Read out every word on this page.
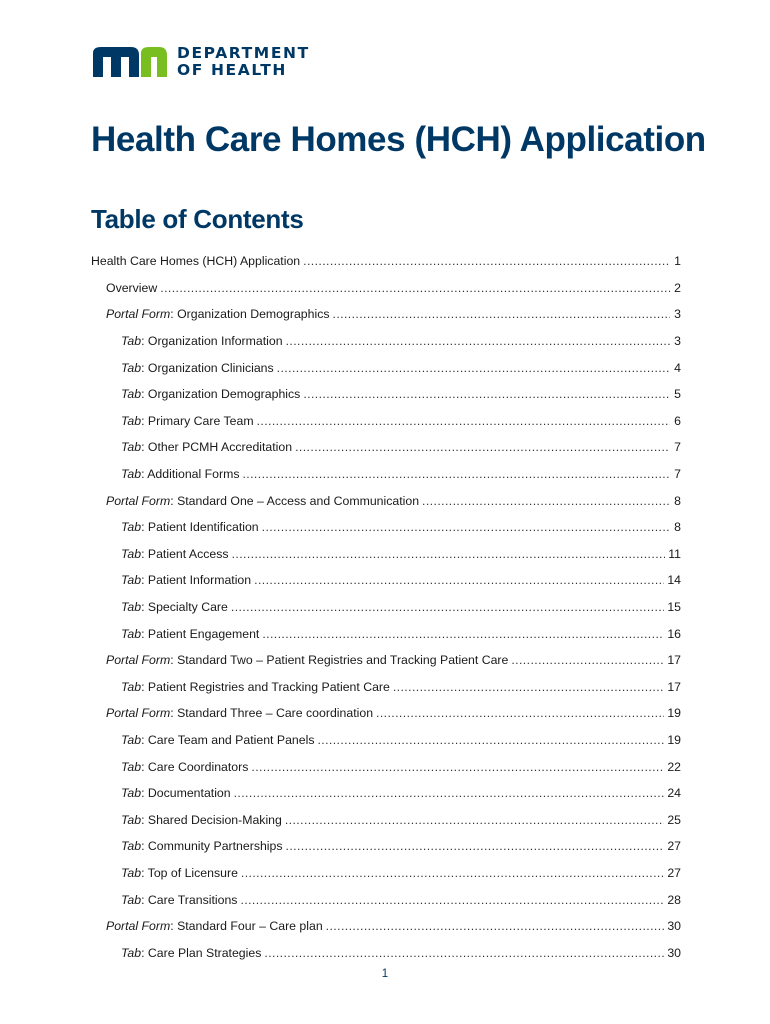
DEPARTMENT
OF HEALTH
Health Care Homes (HCH) Application
Table of Contents
Health Care Homes (HCH) Application .....	1
Overview .....	2
Portal Form: Organization Demographics .....	3
Tab: Organization Information .....	3
Tab: Organization Clinicians .....	4
Tab: Organization Demographics .....	5
Tab: Primary Care Team .....	6
Tab: Other PCMH Accreditation .....	7
Tab: Additional Forms .....	7
Portal Form: Standard One – Access and Communication .....	8
Tab: Patient Identification .....	8
Tab: Patient Access .....	11
Tab: Patient Information .....	14
Tab: Specialty Care .....	15
Tab: Patient Engagement .....	16
Portal Form: Standard Two – Patient Registries and Tracking Patient Care .....	17
Tab: Patient Registries and Tracking Patient Care .....	17
Portal Form: Standard Three – Care coordination .....	19
Tab: Care Team and Patient Panels .....	19
Tab: Care Coordinators .....	22
Tab: Documentation .....	24
Tab: Shared Decision-Making .....	25
Tab: Community Partnerships .....	27
Tab: Top of Licensure .....	27
Tab: Care Transitions .....	28
Portal Form: Standard Four – Care plan .....	30
Tab: Care Plan Strategies .....	30
1
